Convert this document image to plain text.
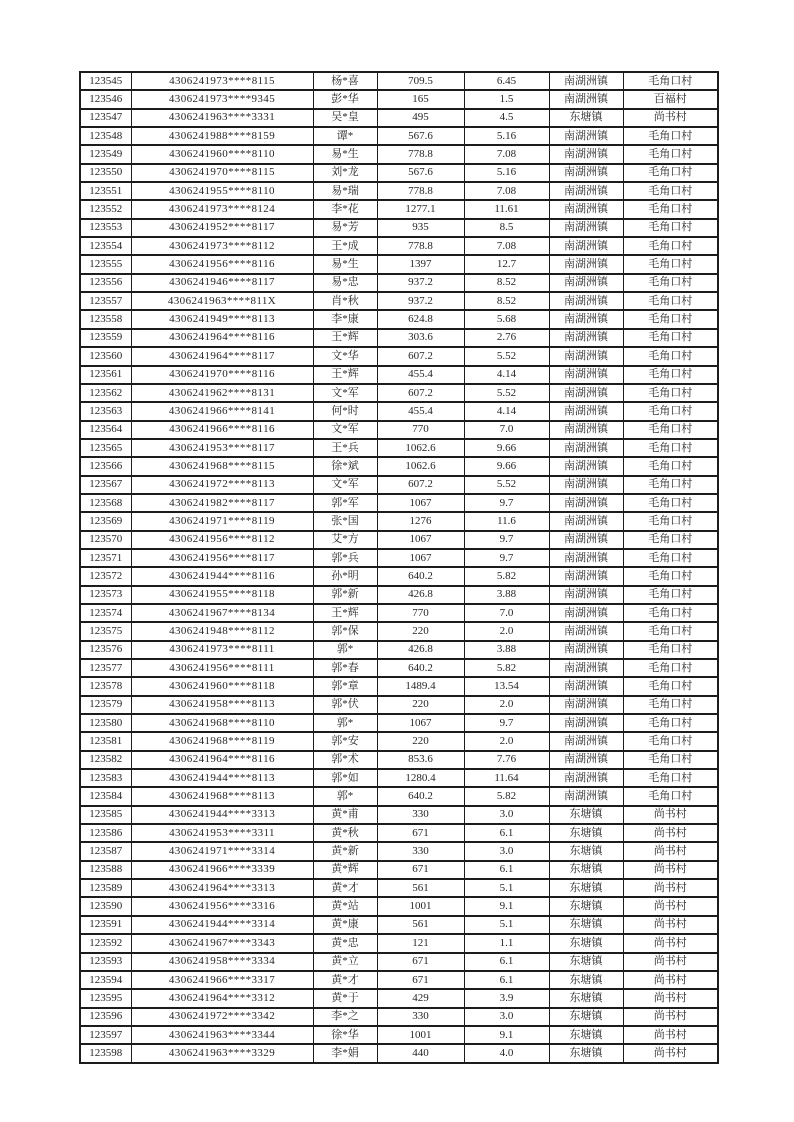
123545	4306241973****8115	杨*喜	709.5	6.45	南湖洲镇	毛角口村
123546	4306241973****9345	彭*华	165	1.5	南湖洲镇	百福村
123547	4306241963****3331	吴*皇	495	4.5	东塘镇	尚书村
123548	4306241988****8159	谭*	567.6	5.16	南湖洲镇	毛角口村
123549	4306241960****8110	易*生	778.8	7.08	南湖洲镇	毛角口村
123550	4306241970****8115	刘*龙	567.6	5.16	南湖洲镇	毛角口村
123551	4306241955****8110	易*瑞	778.8	7.08	南湖洲镇	毛角口村
123552	4306241973****8124	李*花	1277.1	11.61	南湖洲镇	毛角口村
123553	4306241952****8117	易*芳	935	8.5	南湖洲镇	毛角口村
123554	4306241973****8112	王*成	778.8	7.08	南湖洲镇	毛角口村
123555	4306241956****8116	易*生	1397	12.7	南湖洲镇	毛角口村
123556	4306241946****8117	易*忠	937.2	8.52	南湖洲镇	毛角口村
123557	4306241963****811X	肖*秋	937.2	8.52	南湖洲镇	毛角口村
123558	4306241949****8113	李*康	624.8	5.68	南湖洲镇	毛角口村
123559	4306241964****8116	王*辉	303.6	2.76	南湖洲镇	毛角口村
123560	4306241964****8117	文*华	607.2	5.52	南湖洲镇	毛角口村
123561	4306241970****8116	王*辉	455.4	4.14	南湖洲镇	毛角口村
123562	4306241962****8131	文*军	607.2	5.52	南湖洲镇	毛角口村
123563	4306241966****8141	何*时	455.4	4.14	南湖洲镇	毛角口村
123564	4306241966****8116	文*军	770	7.0	南湖洲镇	毛角口村
123565	4306241953****8117	王*兵	1062.6	9.66	南湖洲镇	毛角口村
123566	4306241968****8115	徐*斌	1062.6	9.66	南湖洲镇	毛角口村
123567	4306241972****8113	文*军	607.2	5.52	南湖洲镇	毛角口村
123568	4306241982****8117	郭*军	1067	9.7	南湖洲镇	毛角口村
123569	4306241971****8119	张*国	1276	11.6	南湖洲镇	毛角口村
123570	4306241956****8112	艾*方	1067	9.7	南湖洲镇	毛角口村
123571	4306241956****8117	郭*兵	1067	9.7	南湖洲镇	毛角口村
123572	4306241944****8116	孙*明	640.2	5.82	南湖洲镇	毛角口村
123573	4306241955****8118	郭*新	426.8	3.88	南湖洲镇	毛角口村
123574	4306241967****8134	王*辉	770	7.0	南湖洲镇	毛角口村
123575	4306241948****8112	郭*保	220	2.0	南湖洲镇	毛角口村
123576	4306241973****8111	郭*	426.8	3.88	南湖洲镇	毛角口村
123577	4306241956****8111	郭*春	640.2	5.82	南湖洲镇	毛角口村
123578	4306241960****8118	郭*章	1489.4	13.54	南湖洲镇	毛角口村
123579	4306241958****8113	郭*伏	220	2.0	南湖洲镇	毛角口村
123580	4306241968****8110	郭*	1067	9.7	南湖洲镇	毛角口村
123581	4306241968****8119	郭*安	220	2.0	南湖洲镇	毛角口村
123582	4306241964****8116	郭*术	853.6	7.76	南湖洲镇	毛角口村
123583	4306241944****8113	郭*如	1280.4	11.64	南湖洲镇	毛角口村
123584	4306241968****8113	郭*	640.2	5.82	南湖洲镇	毛角口村
123585	4306241944****3313	黄*甫	330	3.0	东塘镇	尚书村
123586	4306241953****3311	黄*秋	671	6.1	东塘镇	尚书村
123587	4306241971****3314	黄*新	330	3.0	东塘镇	尚书村
123588	4306241966****3339	黄*辉	671	6.1	东塘镇	尚书村
123589	4306241964****3313	黄*才	561	5.1	东塘镇	尚书村
123590	4306241956****3316	黄*站	1001	9.1	东塘镇	尚书村
123591	4306241944****3314	黄*康	561	5.1	东塘镇	尚书村
123592	4306241967****3343	黄*忠	121	1.1	东塘镇	尚书村
123593	4306241958****3334	黄*立	671	6.1	东塘镇	尚书村
123594	4306241966****3317	黄*才	671	6.1	东塘镇	尚书村
123595	4306241964****3312	黄*于	429	3.9	东塘镇	尚书村
123596	4306241972****3342	李*之	330	3.0	东塘镇	尚书村
123597	4306241963****3344	徐*华	1001	9.1	东塘镇	尚书村
123598	4306241963****3329	李*娟	440	4.0	东塘镇	尚书村
